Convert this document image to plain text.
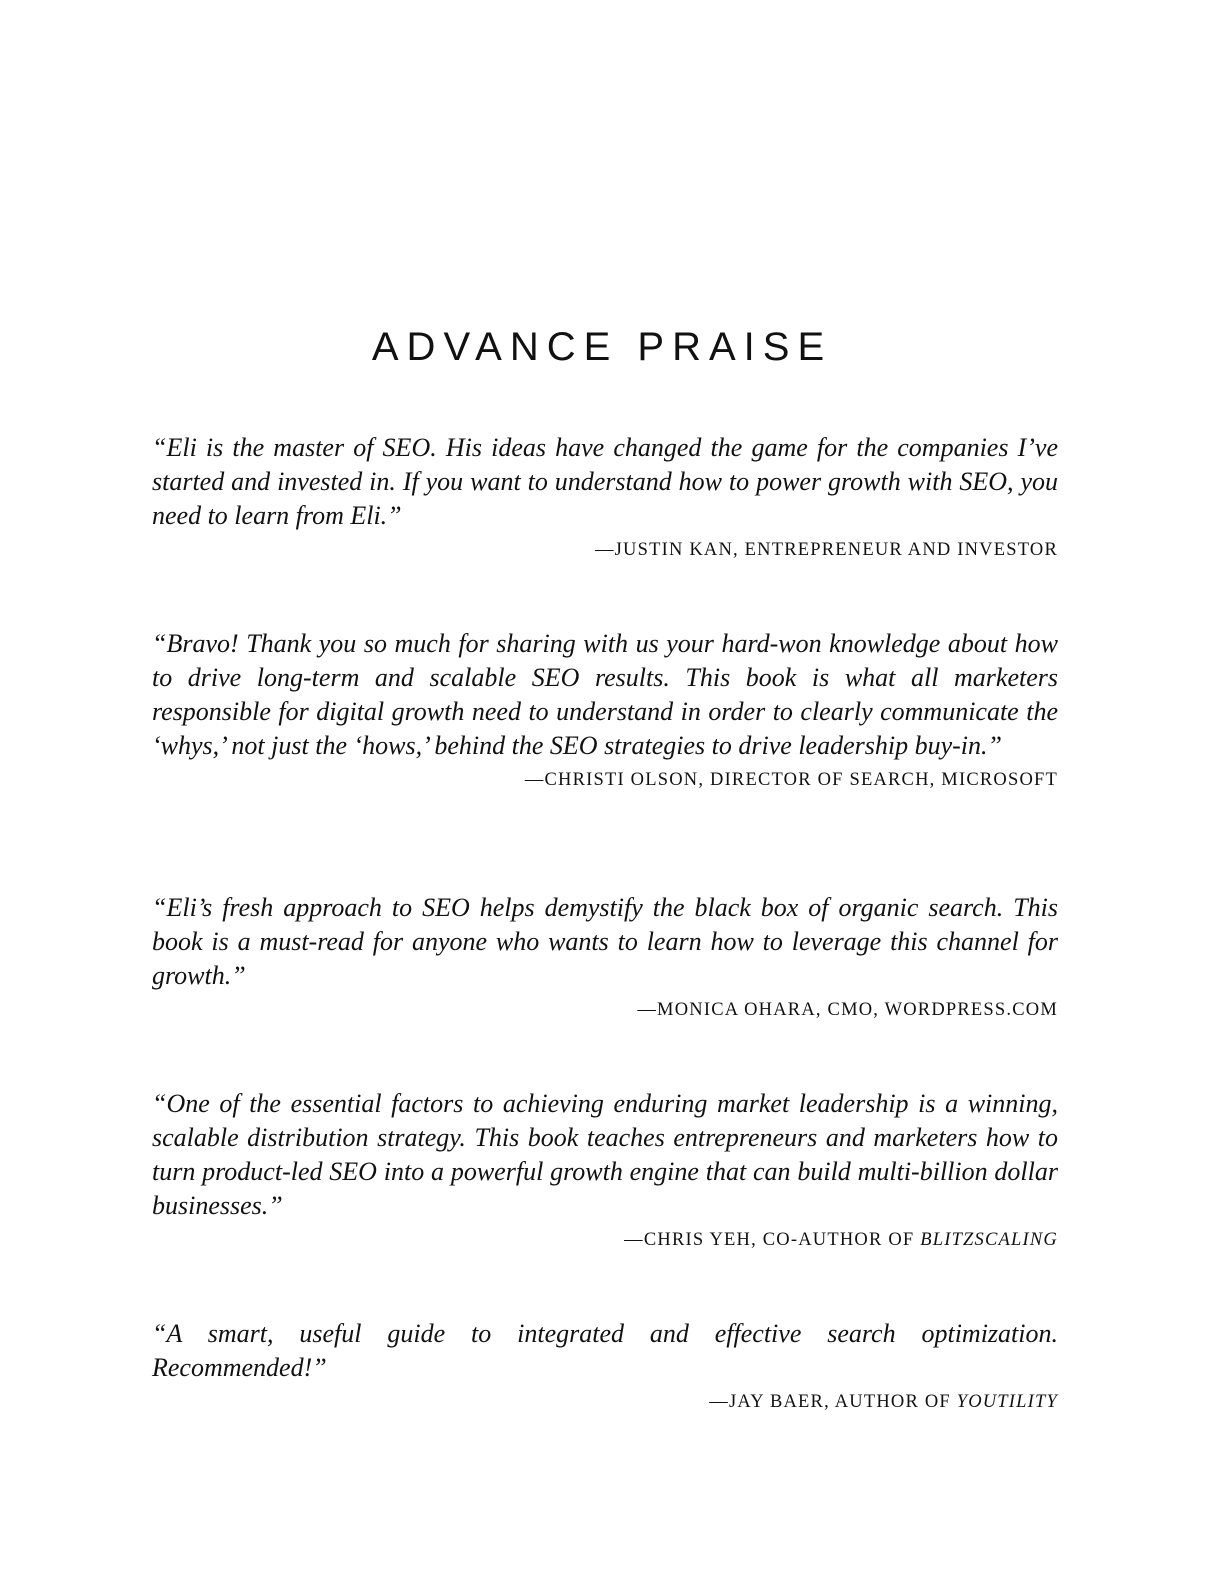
ADVANCE PRAISE

“Eli is the master of SEO. His ideas have changed the game for the companies I’ve started and invested in. If you want to understand how to power growth with SEO, you need to learn from Eli.”

—JUSTIN KAN, ENTREPRENEUR AND INVESTOR

“Bravo! Thank you so much for sharing with us your hard-won knowledge about how to drive long-term and scalable SEO results. This book is what all marketers responsible for digital growth need to understand in order to clearly communicate the ‘whys,’ not just the ‘hows,’ behind the SEO strategies to drive leadership buy-in.”

—CHRISTI OLSON, DIRECTOR OF SEARCH, MICROSOFT

“Eli’s fresh approach to SEO helps demystify the black box of organic search. This book is a must-read for anyone who wants to learn how to leverage this channel for growth.”

—MONICA OHARA, CMO, WORDPRESS.COM

“One of the essential factors to achieving enduring market leadership is a winning, scalable distribution strategy. This book teaches entrepreneurs and marketers how to turn product-led SEO into a powerful growth engine that can build multi-billion dollar businesses.”

—CHRIS YEH, CO-AUTHOR OF BLITZSCALING

“A smart, useful guide to integrated and effective search optimization. Recommended!”

—JAY BAER, AUTHOR OF YOUTILITY
